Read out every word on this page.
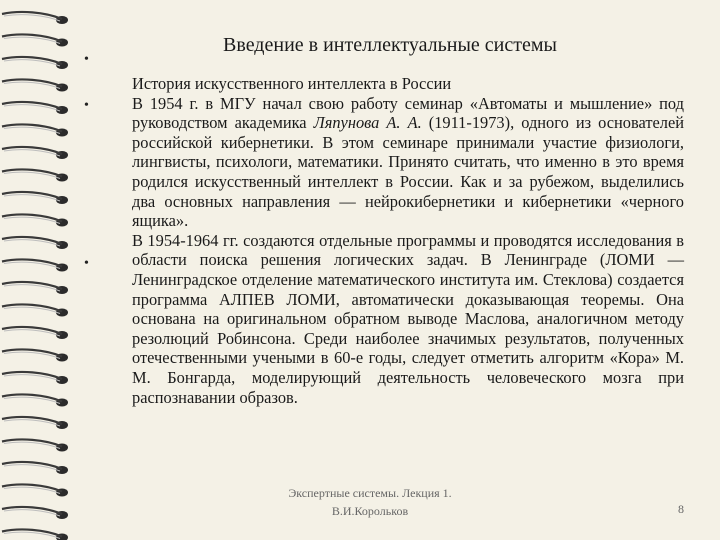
Введение в интеллектуальные системы
•
•
•

История искусственного интеллекта в России

В 1954 г. в МГУ начал свою работу семинар «Автоматы и мышление» под руководством академика Ляпунова А. А. (1911-1973), одного из основателей российской кибернетики. В этом семинаре принимали участие физиологи, лингвисты, психологи, математики. Принято считать, что именно в это время родился искусственный интеллект в России. Как и за рубежом, выделились два основных направления — нейрокибернетики и кибернетики «черного ящика».

В 1954-1964 гг. создаются отдельные программы и проводятся исследования в области поиска решения логических задач. В Ленинграде (ЛОМИ — Ленинградское отделение математического института им. Стеклова) создается программа АЛПЕВ ЛОМИ, автоматически доказывающая теоремы. Она основана на оригинальном обратном выводе Маслова, аналогичном методу резолюций Робинсона. Среди наиболее значимых результатов, полученных отечественными учеными в 60-е годы, следует отметить алгоритм «Кора» М. М. Бонгарда, моделирующий деятельность человеческого мозга при распознавании образов.

Экспертные системы. Лекция 1.
В.И.Корольков	8
